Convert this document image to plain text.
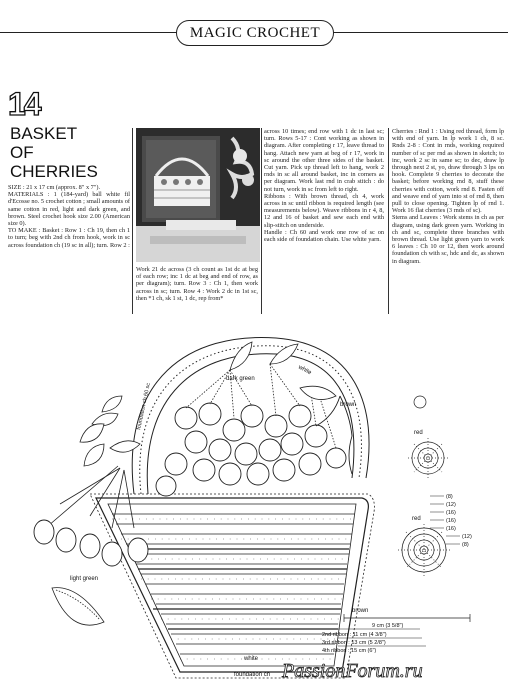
MAGIC CROCHET
14
BASKET
OF
CHERRIES

SIZE : 21 x 17 cm (approx. 8" x 7").

MATERIALS : 1 (184-yard) ball white fil d'Ecosse no. 5 crochet cotton ; small amounts of same cotton in red, light and dark green, and brown. Steel crochet hook size 2.00 (American size 0).

TO MAKE : Basket : Row 1 : Ch 19, then ch 1 to turn; beg with 2nd ch from hook, work in sc across foundation ch (19 sc in all); turn. Row 2 :

Work 21 dc across (3 ch count as 1st dc at beg of each row; inc 1 dc at beg and end of row, as per diagram); turn. Row 3 : Ch 1, then work across in sc; turn. Row 4 : Work 2 dc in 1st sc, then *1 ch, sk 1 st, 1 dc, rep from*

across 10 times; end row with 1 dc in last sc; turn. Rows 5-17 : Cont working as shown in diagram. After completing r 17, leave thread to hang. Attach new yarn at beg of r 17, work in sc around the other three sides of the basket. Cut yarn. Pick up thread left to hang, work 2 rnds in sc all around basket, inc in corners as per diagram. Work last rnd in crab stitch : do not turn, work in sc from left to right.

Ribbons : With brown thread, ch 4, work across in sc until ribbon is required length (see measurements below). Weave ribbons in r 4, 8, 12 and 16 of basket and sew each end with slip-stitch on underside.

Handle : Ch 60 and work one row of sc on each side of foundation chain. Use white yarn.

Cherries : Rnd 1 : Using red thread, form lp with end of yarn. In lp work 1 ch, 8 sc. Rnds 2-8 : Cont in rnds, working required number of sc per rnd as shown in sketch; to inc, work 2 sc in same sc; to dec, draw lp through next 2 st, yo, draw through 3 lps on hook. Complete 9 cherries to decorate the basket; before working rnd 8, stuff these cherries with cotton, work rnd 8. Fasten off and weave end of yarn into st of rnd 8, then pull to close opening. Tighten lp of rnd 1. Work 16 flat cherries (3 rnds of sc).

Stems and Leaves : Work stems in ch as per diagram, using dark green yarn. Working in ch and sc, complete three branches with brown thread. Use light green yarn to work 6 leaves : Ch 10 or 12, then work around foundation ch with sc, hdc and dc, as shown in diagram.

dark green
white
foundation ch 60 sc	brown
red
red
light green
brown
white
foundation ch
(8)
(12)
(16)
(16)
(16)
(12)
(8)
9 cm (3 5/8")
2nd ribbon : 11 cm (4 3/8")
3rd ribbon : 13 cm (5 2/8")
4th ribbon : 15 cm (6")
PassionForum.ru
